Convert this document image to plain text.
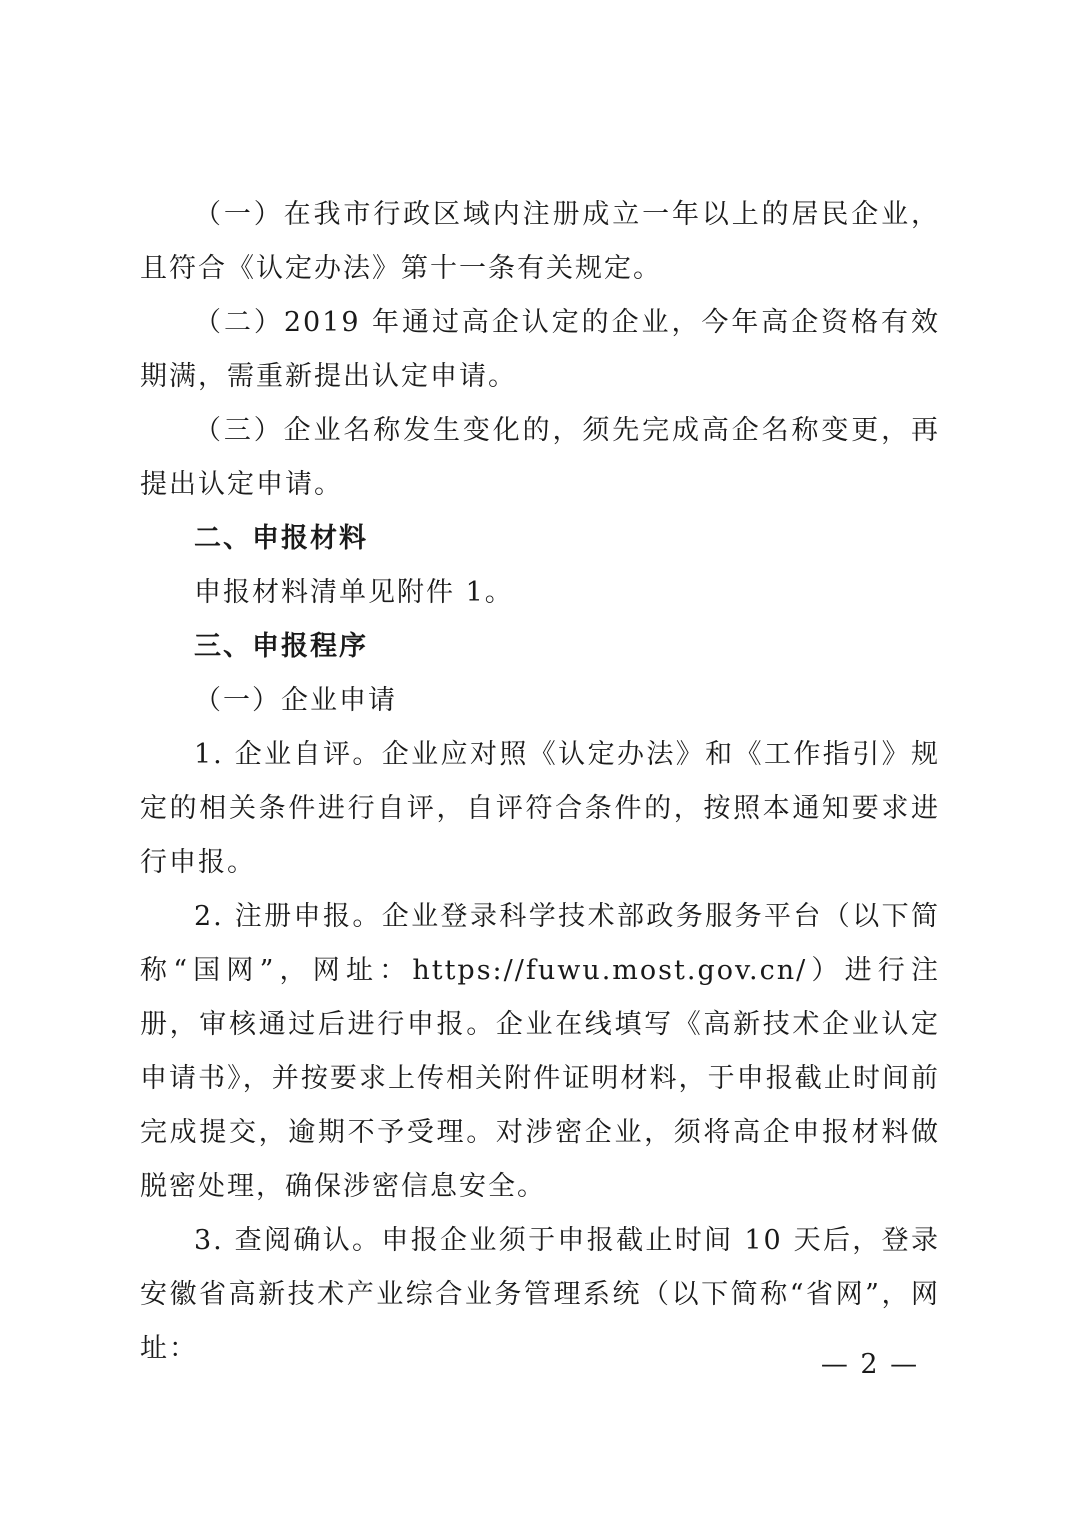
（一）在我市行政区域内注册成立一年以上的居民企业，且符合《认定办法》第十一条有关规定。

（二）2019 年通过高企认定的企业，今年高企资格有效期满，需重新提出认定申请。

（三）企业名称发生变化的，须先完成高企名称变更，再提出认定申请。

二、申报材料

申报材料清单见附件 1。

三、申报程序

（一）企业申请

1. 企业自评。企业应对照《认定办法》和《工作指引》规定的相关条件进行自评，自评符合条件的，按照本通知要求进行申报。

2. 注册申报。企业登录科学技术部政务服务平台（以下简称“国网”，网址：https://fuwu.most.gov.cn/）进行注册，审核通过后进行申报。企业在线填写《高新技术企业认定申请书》，并按要求上传相关附件证明材料，于申报截止时间前完成提交，逾期不予受理。对涉密企业，须将高企申报材料做脱密处理，确保涉密信息安全。

3. 查阅确认。申报企业须于申报截止时间 10 天后，登录安徽省高新技术产业综合业务管理系统（以下简称“省网”，网址：

— 2 —
